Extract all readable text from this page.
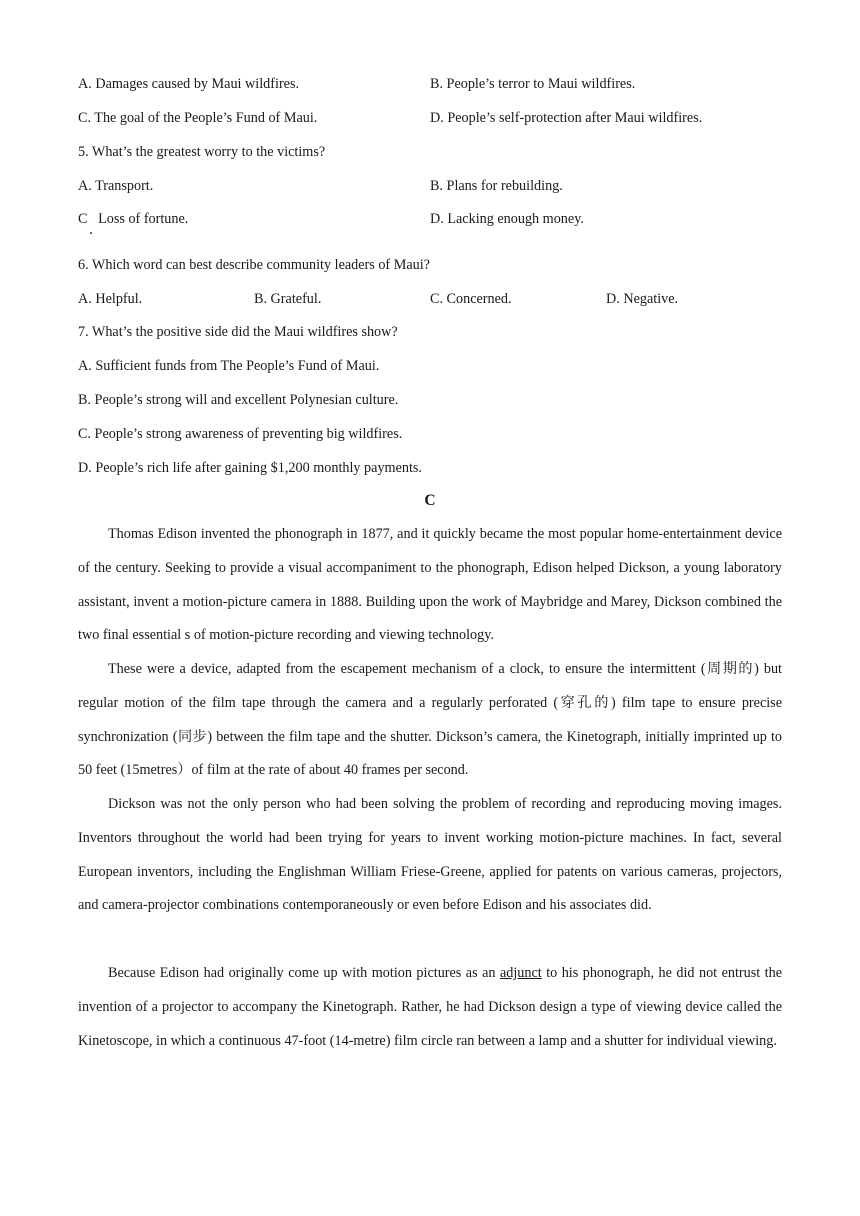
A. Damages caused by Maui wildfires.	B. People’s terror to Maui wildfires.
C. The goal of the People’s Fund of Maui.	D. People’s self-protection after Maui wildfires.
5. What’s the greatest worry to the victims?
A. Transport.	B. Plans for rebuilding.
C   Loss of fortune.	D. Lacking enough money.
6. Which word can best describe community leaders of Maui?
A. Helpful.	B. Grateful.	C. Concerned.	D. Negative.
7. What’s the positive side did the Maui wildfires show?
A. Sufficient funds from The People’s Fund of Maui.
B. People’s strong will and excellent Polynesian culture.
C. People’s strong awareness of preventing big wildfires.
D. People’s rich life after gaining $1,200 monthly payments.
C
Thomas Edison invented the phonograph in 1877, and it quickly became the most popular home-entertainment device of the century. Seeking to provide a visual accompaniment to the phonograph, Edison helped Dickson, a young laboratory assistant, invent a motion-picture camera in 1888. Building upon the work of Maybridge and Marey, Dickson combined the two final essential s of motion-picture recording and viewing technology.
These were a device, adapted from the escapement mechanism of a clock, to ensure the intermittent (周期的) but regular motion of the film tape through the camera and a regularly perforated (穿孔的) film tape to ensure precise synchronization (同步) between the film tape and the shutter. Dickson’s camera, the Kinetograph, initially imprinted up to 50 feet (15metres）of film at the rate of about 40 frames per second.
Dickson was not the only person who had been solving the problem of recording and reproducing moving images. Inventors throughout the world had been trying for years to invent working motion-picture machines. In fact, several European inventors, including the Englishman William Friese-Greene, applied for patents on various cameras, projectors, and camera-projector combinations contemporaneously or even before Edison and his associates did.
Because Edison had originally come up with motion pictures as an adjunct to his phonograph, he did not entrust the invention of a projector to accompany the Kinetograph. Rather, he had Dickson design a type of viewing device called the Kinetoscope, in which a continuous 47-foot (14-metre) film circle ran between a lamp and a shutter for individual viewing.
